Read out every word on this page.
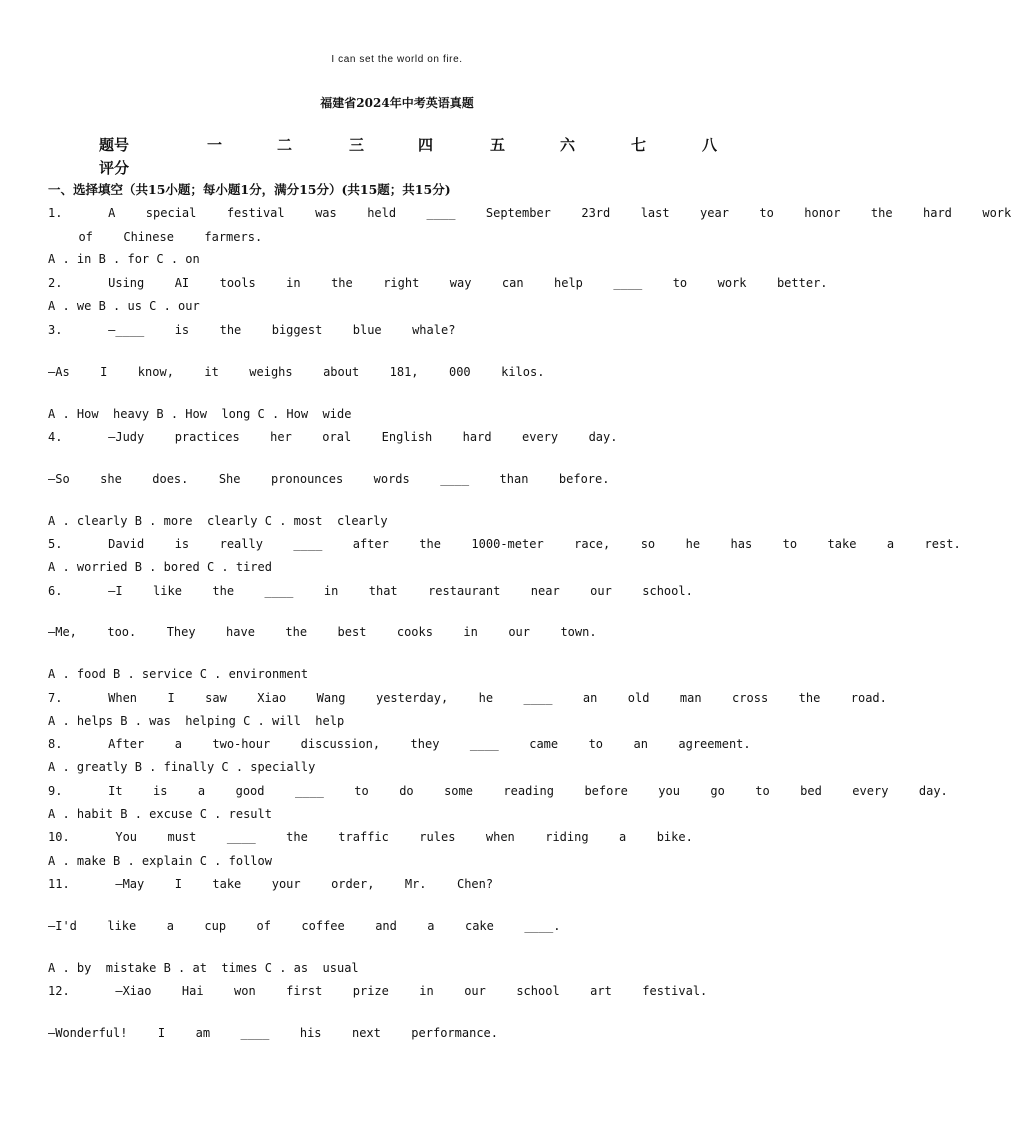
I can set the world on fire.
福建省2024年中考英语真题
题号	一	二	三	四	五	六	七	八
评分
一、选择填空（共15小题；每小题1分，满分15分）(共15题；共15分)
1.   A  special  festival  was  held  ____  September  23rd  last  year  to  honor  the  hard  work
of  Chinese  farmers.
A . in B . for C . on
2.   Using  AI  tools  in  the  right  way  can  help  ____  to  work  better.
A . we B . us C . our
3.   —____  is  the  biggest  blue  whale?
—As  I  know,  it  weighs  about  181,  000  kilos.
A . How  heavy B . How  long C . How  wide
4.   —Judy  practices  her  oral  English  hard  every  day.
—So  she  does.  She  pronounces  words  ____  than  before.
A . clearly B . more  clearly C . most  clearly
5.   David  is  really  ____  after  the  1000-meter  race,  so  he  has  to  take  a  rest.
A . worried B . bored C . tired
6.   —I  like  the  ____  in  that  restaurant  near  our  school.
—Me,  too.  They  have  the  best  cooks  in  our  town.
A . food B . service C . environment
7.   When  I  saw  Xiao  Wang  yesterday,  he  ____  an  old  man  cross  the  road.
A . helps B . was  helping C . will  help
8.   After  a  two-hour  discussion,  they  ____  came  to  an  agreement.
A . greatly B . finally C . specially
9.   It  is  a  good  ____  to  do  some  reading  before  you  go  to  bed  every  day.
A . habit B . excuse C . result
10.   You  must  ____  the  traffic  rules  when  riding  a  bike.
A . make B . explain C . follow
11.   —May  I  take  your  order,  Mr.  Chen?
—I'd  like  a  cup  of  coffee  and  a  cake  ____.
A . by  mistake B . at  times C . as  usual
12.   —Xiao  Hai  won  first  prize  in  our  school  art  festival.
—Wonderful!  I  am  ____  his  next  performance.
